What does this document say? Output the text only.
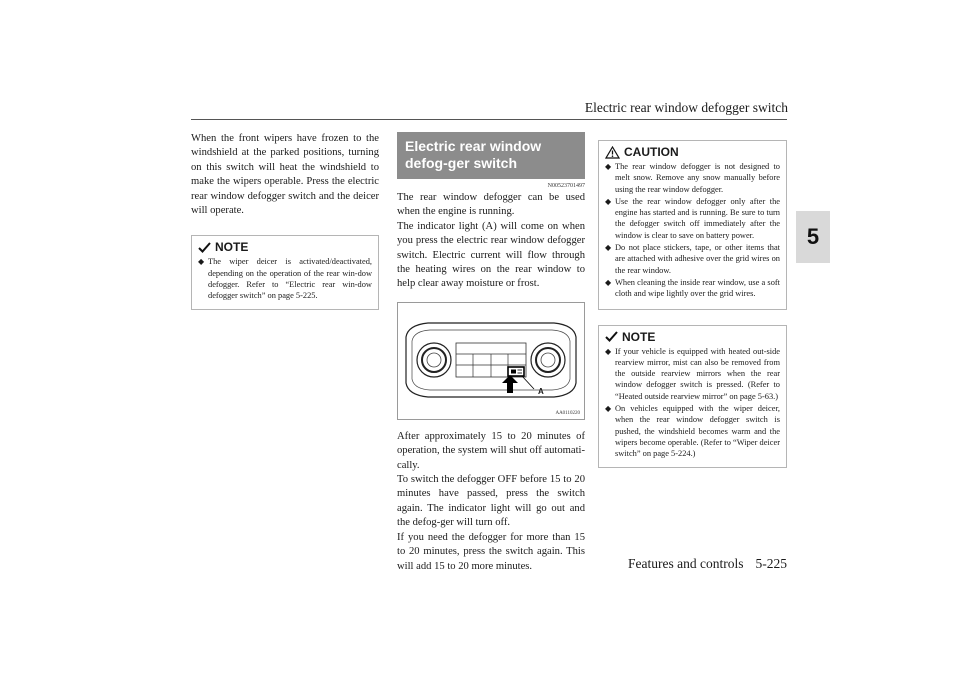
Electric rear window defogger switch
5

When the front wipers have frozen to the windshield at the parked positions, turning on this switch will heat the windshield to make the wipers operable. Press the electric rear window defogger switch and the deicer will operate.

NOTE
◆ The wiper deicer is activated/deactivated, depending on the operation of the rear win-dow defogger. Refer to “Electric rear win-dow defogger switch” on page 5-225.
Electric rear window defog-ger switch
N00523701497

The rear window defogger can be used when the engine is running.

The indicator light (A) will come on when you press the electric rear window defogger switch. Electric current will flow through the heating wires on the rear window to help clear away moisture or frost.

A
AA0110220

After approximately 15 to 20 minutes of operation, the system will shut off automati-cally.

To switch the defogger OFF before 15 to 20 minutes have passed, press the switch again. The indicator light will go out and the defog-ger will turn off.

If you need the defogger for more than 15 to 20 minutes, press the switch again. This will add 15 to 20 more minutes.

CAUTION
◆ The rear window defogger is not designed to melt snow. Remove any snow manually before using the rear window defogger.
◆ Use the rear window defogger only after the engine has started and is running. Be sure to turn the defogger switch off immediately after the window is clear to save on battery power.
◆ Do not place stickers, tape, or other items that are attached with adhesive over the grid wires on the rear window.
◆ When cleaning the inside rear window, use a soft cloth and wipe lightly over the grid wires.
NOTE
◆ If your vehicle is equipped with heated out-side rearview mirror, mist can also be removed from the outside rearview mirrors when the rear window defogger switch is pressed. (Refer to “Heated outside rearview mirror” on page 5-63.)
◆ On vehicles equipped with the wiper deicer, when the rear window defogger switch is pushed, the windshield becomes warm and the wipers become operable. (Refer to “Wiper deicer switch” on page 5-224.)
Features and controls 5-225
